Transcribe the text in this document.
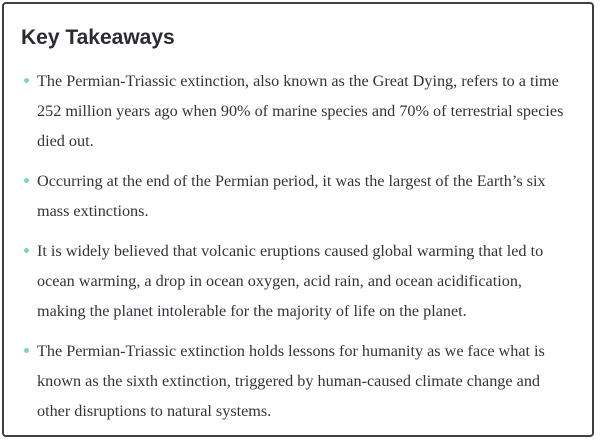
Key Takeaways
The Permian-Triassic extinction, also known as the Great Dying, refers to a time 252 million years ago when 90% of marine species and 70% of terrestrial species died out.
Occurring at the end of the Permian period, it was the largest of the Earth’s six mass extinctions.
It is widely believed that volcanic eruptions caused global warming that led to ocean warming, a drop in ocean oxygen, acid rain, and ocean acidification, making the planet intolerable for the majority of life on the planet.
The Permian-Triassic extinction holds lessons for humanity as we face what is known as the sixth extinction, triggered by human-caused climate change and other disruptions to natural systems.
